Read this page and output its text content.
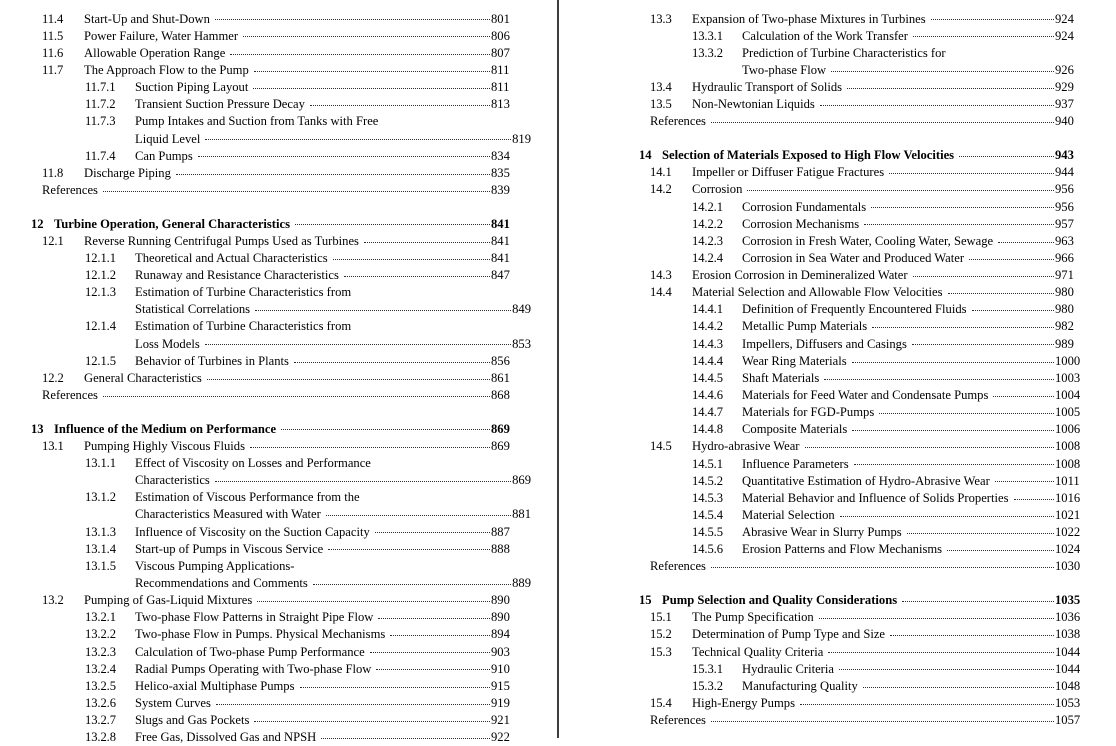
11.4	Start-Up and Shut-Down	801
11.5	Power Failure, Water Hammer	806
11.6	Allowable Operation Range	807
11.7	The Approach Flow to the Pump	811
11.7.1	Suction Piping Layout	811
11.7.2	Transient Suction Pressure Decay	813
11.7.3	Pump Intakes and Suction from Tanks with Free
Liquid Level	819
11.7.4	Can Pumps	834
11.8	Discharge Piping	835
References	839
12 Turbine Operation, General Characteristics	841
12.1	Reverse Running Centrifugal Pumps Used as Turbines	841
12.1.1	Theoretical and Actual Characteristics	841
12.1.2	Runaway and Resistance Characteristics	847
12.1.3	Estimation of Turbine Characteristics from
Statistical Correlations	849
12.1.4	Estimation of Turbine Characteristics from
Loss Models	853
12.1.5	Behavior of Turbines in Plants	856
12.2	General Characteristics	861
References	868
13 Influence of the Medium on Performance	869
13.1	Pumping Highly Viscous Fluids	869
13.1.1	Effect of Viscosity on Losses and Performance
Characteristics	869
13.1.2	Estimation of Viscous Performance from the
Characteristics Measured with Water	881
13.1.3	Influence of Viscosity on the Suction Capacity	887
13.1.4	Start-up of Pumps in Viscous Service	888
13.1.5	Viscous Pumping Applications-
Recommendations and Comments	889
13.2	Pumping of Gas-Liquid Mixtures	890
13.2.1	Two-phase Flow Patterns in Straight Pipe Flow	890
13.2.2	Two-phase Flow in Pumps. Physical Mechanisms	894
13.2.3	Calculation of Two-phase Pump Performance	903
13.2.4	Radial Pumps Operating with Two-phase Flow	910
13.2.5	Helico-axial Multiphase Pumps	915
13.2.6	System Curves	919
13.2.7	Slugs and Gas Pockets	921
13.2.8	Free Gas, Dissolved Gas and NPSH	922
13.3	Expansion of Two-phase Mixtures in Turbines	924
13.3.1	Calculation of the Work Transfer	924
13.3.2	Prediction of Turbine Characteristics for
Two-phase Flow	926
13.4	Hydraulic Transport of Solids	929
13.5	Non-Newtonian Liquids	937
References	940
14 Selection of Materials Exposed to High Flow Velocities	943
14.1	Impeller or Diffuser Fatigue Fractures	944
14.2	Corrosion	956
14.2.1	Corrosion Fundamentals	956
14.2.2	Corrosion Mechanisms	957
14.2.3	Corrosion in Fresh Water, Cooling Water, Sewage	963
14.2.4	Corrosion in Sea Water and Produced Water	966
14.3	Erosion Corrosion in Demineralized Water	971
14.4	Material Selection and Allowable Flow Velocities	980
14.4.1	Definition of Frequently Encountered Fluids	980
14.4.2	Metallic Pump Materials	982
14.4.3	Impellers, Diffusers and Casings	989
14.4.4	Wear Ring Materials	1000
14.4.5	Shaft Materials	1003
14.4.6	Materials for Feed Water and Condensate Pumps	1004
14.4.7	Materials for FGD-Pumps	1005
14.4.8	Composite Materials	1006
14.5	Hydro-abrasive Wear	1008
14.5.1	Influence Parameters	1008
14.5.2	Quantitative Estimation of Hydro-Abrasive Wear	1011
14.5.3	Material Behavior and Influence of Solids Properties	1016
14.5.4	Material Selection	1021
14.5.5	Abrasive Wear in Slurry Pumps	1022
14.5.6	Erosion Patterns and Flow Mechanisms	1024
References	1030
15 Pump Selection and Quality Considerations	1035
15.1	The Pump Specification	1036
15.2	Determination of Pump Type and Size	1038
15.3	Technical Quality Criteria	1044
15.3.1	Hydraulic Criteria	1044
15.3.2	Manufacturing Quality	1048
15.4	High-Energy Pumps	1053
References	1057
